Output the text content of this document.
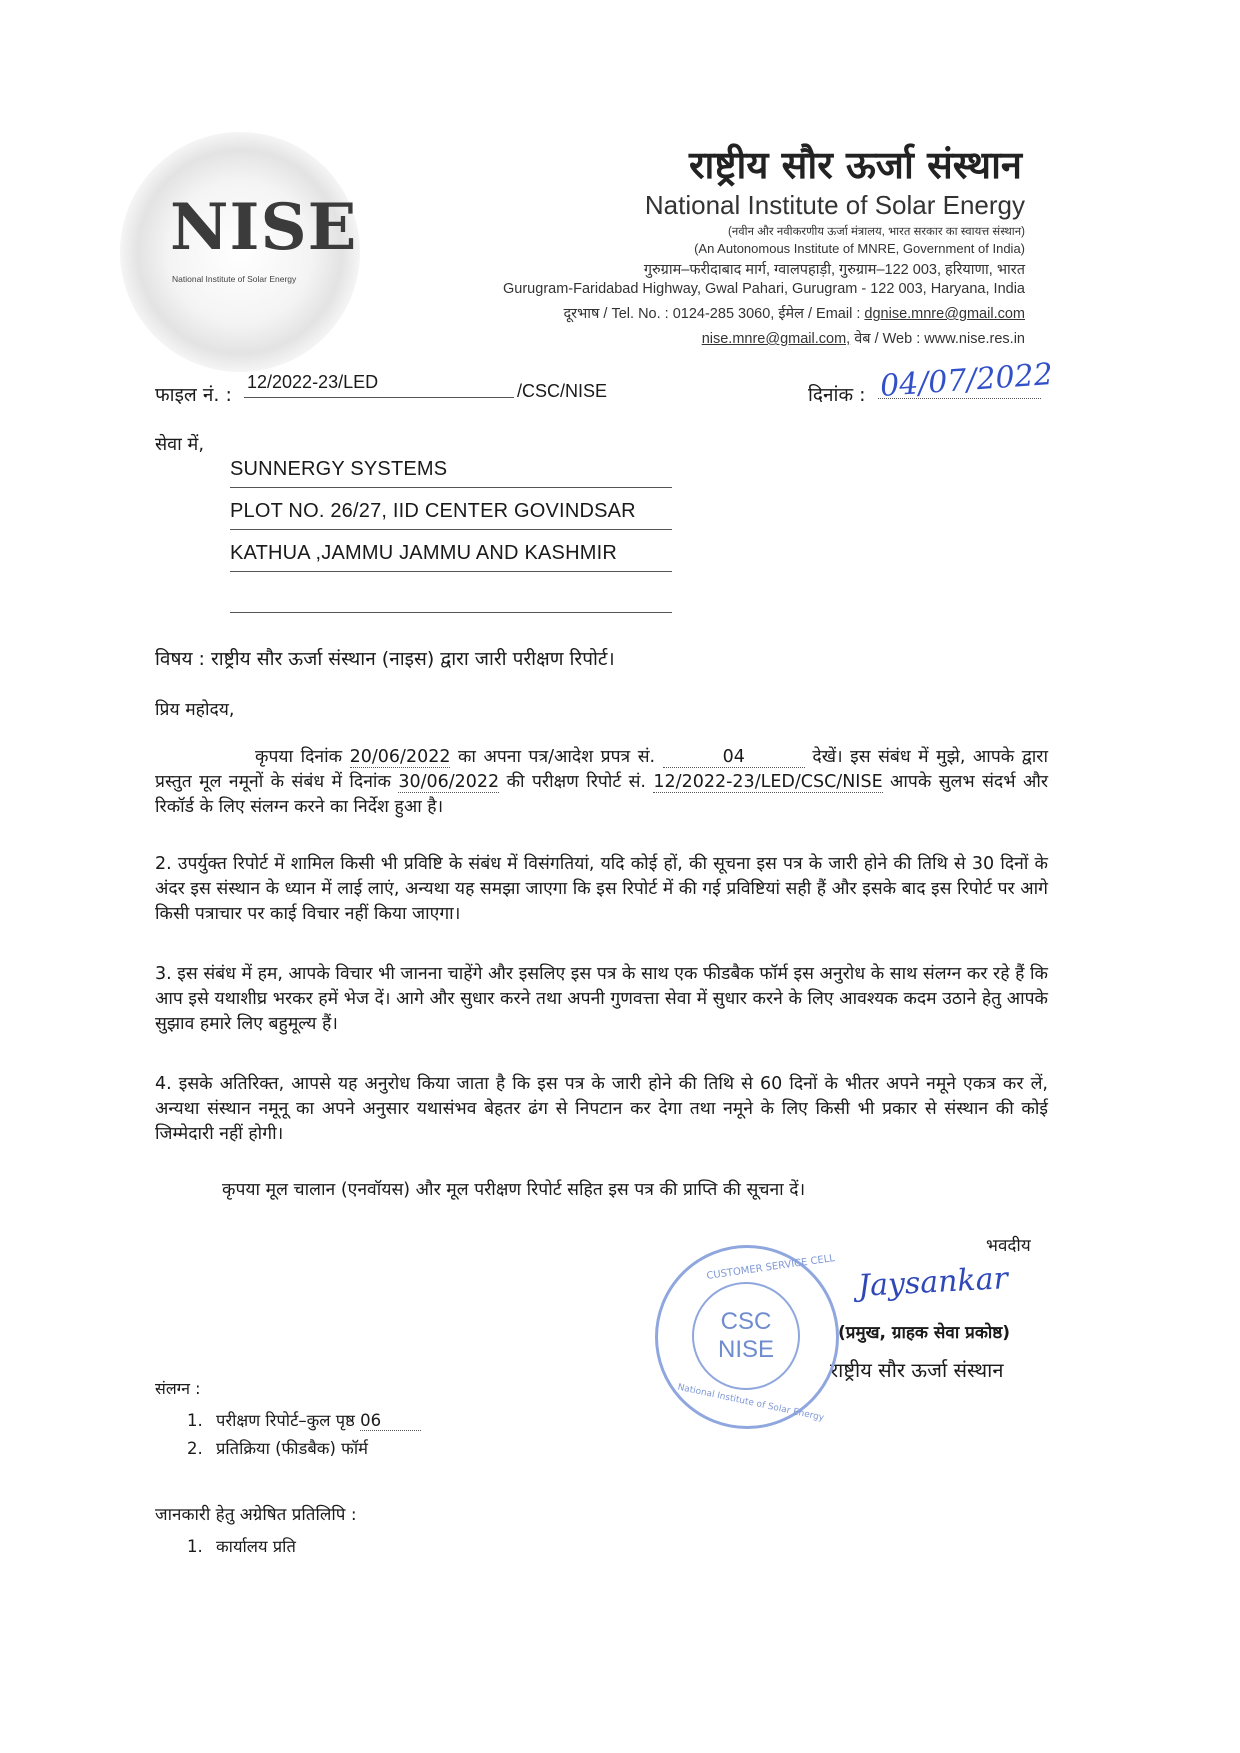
NISE
National Institute of Solar Energy
राष्ट्रीय सौर ऊर्जा संस्थान
National Institute of Solar Energy
(नवीन और नवीकरणीय ऊर्जा मंत्रालय, भारत सरकार का स्वायत्त संस्थान)
(An Autonomous Institute of MNRE, Government of India)
गुरुग्राम–फरीदाबाद मार्ग, ग्वालपहाड़ी, गुरुग्राम–122 003, हरियाणा, भारत
Gurugram-Faridabad Highway, Gwal Pahari, Gurugram - 122 003, Haryana, India
दूरभाष / Tel. No. : 0124-285 3060, ईमेल / Email : dgnise.mnre@gmail.com
nise.mnre@gmail.com, वेब / Web : www.nise.res.in
फाइल नं. :
12/2022-23/LED	/CSC/NISE	दिनांक : 04/07/2022
सेवा में,
SUNNERGY SYSTEMS
PLOT NO. 26/27, IID CENTER GOVINDSAR
KATHUA ,JAMMU JAMMU AND KASHMIR
विषय : राष्ट्रीय सौर ऊर्जा संस्थान (नाइस) द्वारा जारी परीक्षण रिपोर्ट।
प्रिय महोदय,
कृपया दिनांक 20/06/2022 का अपना पत्र/आदेश प्रपत्र सं.	04	देखें। इस संबंध में मुझे, आपके द्वारा प्रस्तुत मूल नमूनों के संबंध में दिनांक 30/06/2022 की परीक्षण रिपोर्ट सं. 12/2022-23/LED/CSC/NISE आपके सुलभ संदर्भ और रिकॉर्ड के लिए संलग्न करने का निर्देश हुआ है।
2. उपर्युक्त रिपोर्ट में शामिल किसी भी प्रविष्टि के संबंध में विसंगतियां, यदि कोई हों, की सूचना इस पत्र के जारी होने की तिथि से 30 दिनों के अंदर इस संस्थान के ध्यान में लाई लाएं, अन्यथा यह समझा जाएगा कि इस रिपोर्ट में की गई प्रविष्टियां सही हैं और इसके बाद इस रिपोर्ट पर आगे किसी पत्राचार पर काई विचार नहीं किया जाएगा।
3. इस संबंध में हम, आपके विचार भी जानना चाहेंगे और इसलिए इस पत्र के साथ एक फीडबैक फॉर्म इस अनुरोध के साथ संलग्न कर रहे हैं कि आप इसे यथाशीघ्र भरकर हमें भेज दें। आगे और सुधार करने तथा अपनी गुणवत्ता सेवा में सुधार करने के लिए आवश्यक कदम उठाने हेतु आपके सुझाव हमारे लिए बहुमूल्य हैं।
4. इसके अतिरिक्त, आपसे यह अनुरोध किया जाता है कि इस पत्र के जारी होने की तिथि से 60 दिनों के भीतर अपने नमूने एकत्र कर लें, अन्यथा संस्थान नमूनू का अपने अनुसार यथासंभव बेहतर ढंग से निपटान कर देगा तथा नमूने के लिए किसी भी प्रकार से संस्थान की कोई जिम्मेदारी नहीं होगी।
कृपया मूल चालान (एनवॉयस) और मूल परीक्षण रिपोर्ट सहित इस पत्र की प्राप्ति की सूचना दें।
भवदीय
Jaysankar
(प्रमुख, ग्राहक सेवा प्रकोष्ठ)
राष्ट्रीय सौर ऊर्जा संस्थान
CUSTOMER SERVICE CELL
National Institute of Solar Energy
CSC
NISE
संलग्न :
1. परीक्षण रिपोर्ट–कुल पृष्ठ 06
2. प्रतिक्रिया (फीडबैक) फॉर्म
जानकारी हेतु अग्रेषित प्रतिलिपि :
1. कार्यालय प्रति
